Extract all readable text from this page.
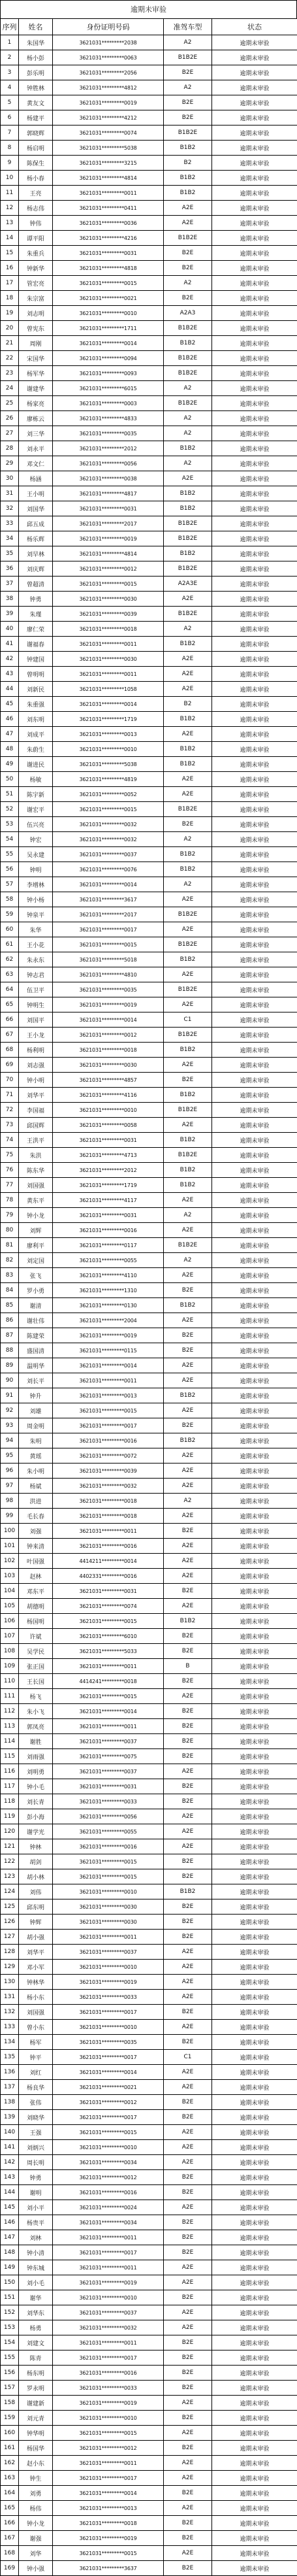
逾期未审验
序列	姓名	身份证明号码	准驾车型	状态
1	朱国华	3621031*********2038	A2	逾期未审验
2	杨小彭	3621031*********0063	B1B2E	逾期未审验
3	彭乐明	3621031*********2056	B2E	逾期未审验
4	钟胜林	3621031*********4812	A2	逾期未审验
5	黄友文	3621031*********0019	B2E	逾期未审验
6	杨建平	3621031*********4212	B2E	逾期未审验
7	郭晓辉	3621031*********0074	B1B2E	逾期未审验
8	杨启明	3621031*********5038	B1B2	逾期未审验
9	陈保生	3621031*********3215	B2	逾期未审验
10	杨小春	3621031*********4814	B1B2	逾期未审验
11	王亮	3621031*********0011	B1B2	逾期未审验
12	杨志伟	3621031*********0411	A2E	逾期未审验
13	钟伟	3621031*********0036	A2E	逾期未审验
14	谭平阳	3621031*********4216	B1B2E	逾期未审验
15	朱重兵	3621031*********0031	B2E	逾期未审验
16	钟新华	3621031*********4818	B2E	逾期未审验
17	管宏亮	3621031*********0015	A2	逾期未审验
18	朱宗富	3621031*********0021	B2E	逾期未审验
19	刘志明	3621031*********0010	A2A3	逾期未审验
20	曾宪东	3621031*********1711	B1B2E	逾期未审验
21	周刚	3621031*********0014	B1B2	逾期未审验
22	宋国华	3621031*********0094	B1B2E	逾期未审验
23	杨军华	3621031*********0093	B1B2E	逾期未审验
24	谢建华	3621031*********6015	A2	逾期未审验
25	杨家亮	3621031*********0003	B1B2E	逾期未审验
26	廖栋云	3621031*********4833	A2	逾期未审验
27	刘三华	3621031*********0035	A2	逾期未审验
28	刘永平	3621031*********2012	B1B2	逾期未审验
29	邓文仁	3621031*********0056	A2	逾期未审验
30	杨涵	3621031*********0038	A2E	逾期未审验
31	王小明	3621031*********4817	B1B2	逾期未审验
32	刘国华	3621031*********0031	B1B2	逾期未审验
33	邱五成	3621031*********2017	B1B2E	逾期未审验
34	杨乐辉	3621031*********0019	B1B2E	逾期未审验
35	刘早林	3621031*********4814	B1B2	逾期未审验
36	刘庆辉	3621031*********0012	B1B2E	逾期未审验
37	曾超清	3621031*********0015	A2A3E	逾期未审验
38	钟勇	3621031*********0030	A2E	逾期未审验
39	朱瑾	3621031*********0039	B1B2E	逾期未审验
40	廖仁荣	3621031*********0018	A2	逾期未审验
41	谢福春	3621031*********0011	B1B2	逾期未审验
42	钟建国	3621031*********0030	A2E	逾期未审验
43	曾明明	3621031*********0011	A2E	逾期未审验
44	刘新民	3621031*********1058	A2E	逾期未审验
45	朱重强	3621031*********0014	B2	逾期未审验
46	刘东明	3621031*********1719	B1B2	逾期未审验
47	刘成平	3621031*********0013	A2E	逾期未审验
48	朱蔚生	3621031*********0010	B1B2	逾期未审验
49	谢进民	3621031*********5038	B1B2	逾期未审验
50	杨敏	3621031*********4819	A2E	逾期未审验
51	陈宇新	3621031*********0052	A2E	逾期未审验
52	谢宏平	3621031*********0015	B1B2E	逾期未审验
53	伍兴亮	3621031*********0032	B2E	逾期未审验
54	钟宏	3621031*********0032	A2	逾期未审验
55	吴永建	3621031*********0037	B1B2	逾期未审验
56	钟明	3621031*********0076	B1B2	逾期未审验
57	李增林	3621031*********0014	A2	逾期未审验
58	钟小杨	3621031*********3617	A2E	逾期未审验
59	钟泉平	3621031*********2017	B1B2E	逾期未审验
60	朱华	3621031*********0017	A2E	逾期未审验
61	王小花	3621031*********0015	B1B2E	逾期未审验
62	朱永东	3621031*********5018	B1B2	逾期未审验
63	钟志君	3621031*********4810	A2E	逾期未审验
64	伍卫平	3621031*********0035	B1B2E	逾期未审验
65	钟明生	3621031*********0019	A2E	逾期未审验
66	刘国平	3621031*********0014	C1	逾期未审验
67	王小龙	3621031*********0012	B1B2E	逾期未审验
68	杨利明	3621031*********0018	B1B2	逾期未审验
69	刘志强	3621031*********0030	A2E	逾期未审验
70	钟小明	3621031*********4857	B2E	逾期未审验
71	刘华平	3621031*********4116	B1B2	逾期未审验
72	李国福	3621031*********0010	B1B2E	逾期未审验
73	邱国辉	3621031*********0058	A2E	逾期未审验
74	王洪平	3621031*********0031	B1B2	逾期未审验
75	朱洪	3621031*********4713	B1B2E	逾期未审验
76	陈东华	3621031*********2012	B1B2	逾期未审验
77	刘国强	3621031*********1719	B1B2	逾期未审验
78	黄东平	3621031*********4117	A2E	逾期未审验
79	钟小龙	3621031*********0031	A2	逾期未审验
80	刘辉	3621031*********0016	A2E	逾期未审验
81	廖利平	3621031*********0117	B1B2E	逾期未审验
82	刘定国	3621031*********0055	A2	逾期未审验
83	张飞	3621031*********4110	A2E	逾期未审验
84	罗小勇	3621031*********1310	B2E	逾期未审验
85	谢清	3621031*********0130	B1B2	逾期未审验
86	谢壮伟	3621031*********2004	A2E	逾期未审验
87	陈建荣	3621031*********0019	B2E	逾期未审验
88	盛国清	3621031*********0115	B2E	逾期未审验
89	温明华	3621031*********0014	A2E	逾期未审验
90	刘长平	3621031*********0011	A2E	逾期未审验
91	钟升	3621031*********0013	B1B2	逾期未审验
92	刘雄	3621031*********0015	A2E	逾期未审验
93	周金明	3621031*********0017	B2E	逾期未审验
94	朱明	3621031*********0016	B1B2	逾期未审验
95	黄瑶	3621031*********0072	A2E	逾期未审验
96	朱小明	3621031*********0039	A2E	逾期未审验
97	杨斌	3621031*********0032	A2E	逾期未审验
98	洪进	3621031*********0018	A2	逾期未审验
99	毛长春	3621031*********0018	A2E	逾期未审验
100	刘强	3621031*********0011	B2E	逾期未审验
101	钟来清	3621031*********0016	A2E	逾期未审验
102	叶国强	4414211*********0014	A2E	逾期未审验
103	赵林	4402331*********0016	A2E	逾期未审验
104	邓东平	3621031*********0031	B2E	逾期未审验
105	胡德明	3621031*********0074	A2E	逾期未审验
106	杨国明	3621031*********0015	B1B2	逾期未审验
107	许斌	3621031*********6010	B2E	逾期未审验
108	吴学民	3621031*********5033	B2E	逾期未审验
109	张正国	3621031*********0011	B	逾期未审验
110	王长国	4414241*********0018	B2E	逾期未审验
111	杨飞	3621031*********0015	A2E	逾期未审验
112	朱小飞	3621031*********0014	B2E	逾期未审验
113	郭凤亮	3621031*********0011	B2E	逾期未审验
114	谢胜	3621031*********0037	B2E	逾期未审验
115	刘雨强	3621031*********0075	B2E	逾期未审验
116	刘明勇	3621031*********0037	A2E	逾期未审验
117	钟小毛	3621031*********0031	B2E	逾期未审验
118	刘长青	3621031*********0033	B2E	逾期未审验
119	彭小海	3621031*********0056	A2E	逾期未审验
120	谢学光	3621031*********0055	A2E	逾期未审验
121	钟林	3621031*********0016	A2E	逾期未审验
122	胡剑	3621031*********0015	B2E	逾期未审验
123	胡小林	3621031*********0015	B2E	逾期未审验
124	刘伟	3621031*********0010	B1B2	逾期未审验
125	邱东明	3621031*********0030	B2E	逾期未审验
126	钟辉	3621031*********0030	B2E	逾期未审验
127	胡小强	3621031*********0011	B2E	逾期未审验
128	刘华平	3621031*********0037	A2E	逾期未审验
129	邓小军	3621031*********0010	A2E	逾期未审验
130	钟林华	3621031*********0019	A2E	逾期未审验
131	杨小东	3621031*********0033	A2E	逾期未审验
132	刘国强	3621031*********0017	B2E	逾期未审验
133	曾小东	3621031*********0010	A2E	逾期未审验
134	杨军	3621031*********0035	B2E	逾期未审验
135	钟平	3621031*********0017	C1	逾期未审验
136	刘红	3621031*********0014	A2E	逾期未审验
137	杨良华	3621031*********0021	A2E	逾期未审验
138	张伟	3621031*********0012	B2E	逾期未审验
139	刘晓华	3621031*********0017	B2E	逾期未审验
140	王强	3621031*********0015	A2E	逾期未审验
141	刘炳兴	3621031*********0010	A2E	逾期未审验
142	周长明	3621031*********0034	A2E	逾期未审验
143	钟勇	3621031*********0012	B2E	逾期未审验
144	谢明	3621031*********0016	B2E	逾期未审验
145	刘小平	3621031*********0024	A2E	逾期未审验
146	杨贵平	3621031*********0034	B2E	逾期未审验
147	刘林	3621031*********0011	B2E	逾期未审验
148	钟小清	3621031*********0017	B2E	逾期未审验
149	钟东城	3621031*********0011	A2E	逾期未审验
150	刘小毛	3621031*********0019	A2E	逾期未审验
151	谢华	3621031*********0010	B2E	逾期未审验
152	刘华东	3621031*********0037	A2E	逾期未审验
153	杨勇	3621031*********0032	A2E	逾期未审验
154	刘建文	3621031*********0011	B2E	逾期未审验
155	陈青	3621031*********0017	B2E	逾期未审验
156	杨东明	3621031*********0016	B2E	逾期未审验
157	罗永明	3621031*********0033	B2E	逾期未审验
158	谢建新	3621031*********0019	A2E	逾期未审验
159	刘元青	3621031*********0010	B2E	逾期未审验
160	钟华明	3621031*********0015	A2E	逾期未审验
161	杨国华	3621031*********0012	B2E	逾期未审验
162	赵小东	3621031*********0011	A2E	逾期未审验
163	钟生	3621031*********0017	A2E	逾期未审验
164	刘勇	3621031*********0014	B2E	逾期未审验
165	杨伟	3621031*********0013	A2E	逾期未审验
166	钟小龙	3621031*********0018	B2E	逾期未审验
167	谢强	3621031*********0019	B2E	逾期未审验
168	刘华	3621031*********0015	A2E	逾期未审验
169	钟小强	3621031*********3637	B2E	逾期未审验
